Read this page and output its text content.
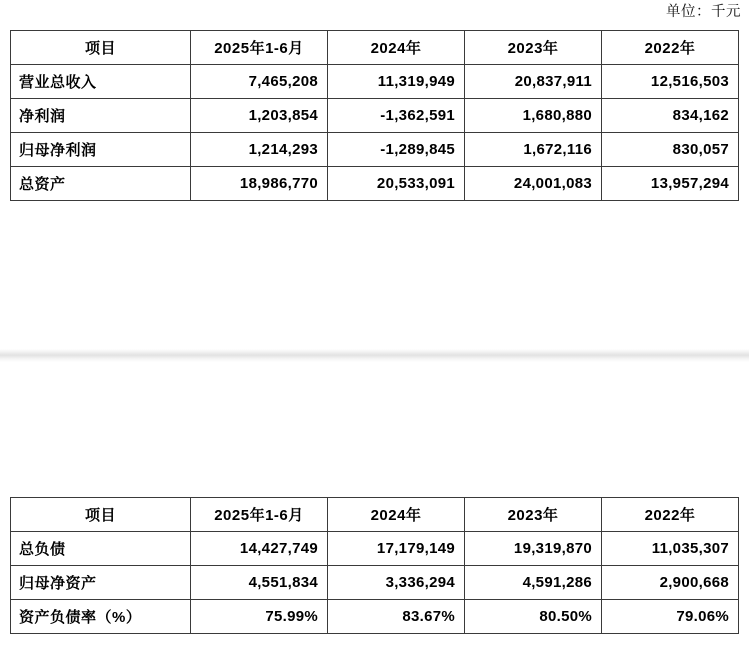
单位：千元
项目	2025年1-6月	2024年	2023年	2022年
营业总收入	7,465,208	11,319,949	20,837,911	12,516,503
净利润	1,203,854	-1,362,591	1,680,880	834,162
归母净利润	1,214,293	-1,289,845	1,672,116	830,057
总资产	18,986,770	20,533,091	24,001,083	13,957,294
项目	2025年1-6月	2024年	2023年	2022年
总负债	14,427,749	17,179,149	19,319,870	11,035,307
归母净资产	4,551,834	3,336,294	4,591,286	2,900,668
资产负债率（%）	75.99%	83.67%	80.50%	79.06%
